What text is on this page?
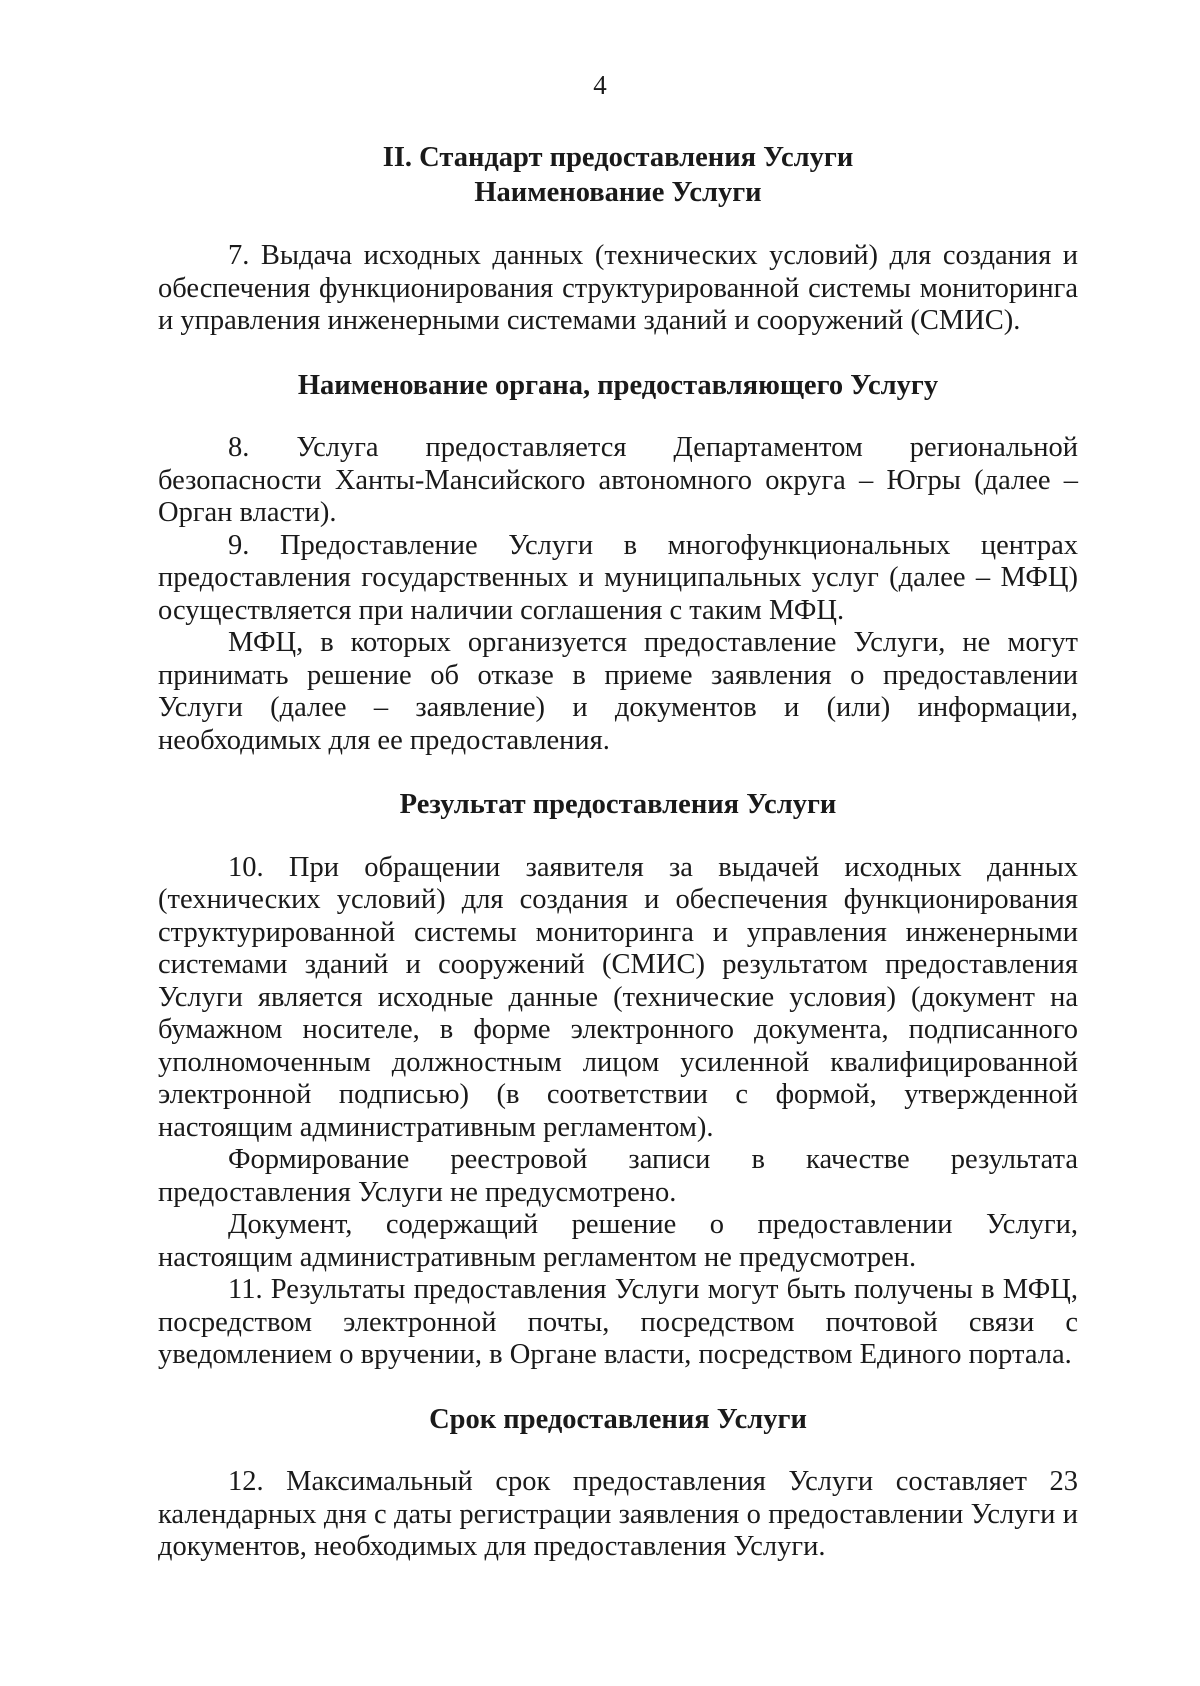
4
II. Стандарт предоставления Услуги
Наименование Услуги

7. Выдача исходных данных (технических условий) для создания и обеспечения функционирования структурированной системы мониторинга и управления инженерными системами зданий и сооружений (СМИС).

Наименование органа, предоставляющего Услугу

8. Услуга предоставляется Департаментом региональной безопасности Ханты-Мансийского автономного округа – Югры (далее – Орган власти).

9. Предоставление Услуги в многофункциональных центрах предоставления государственных и муниципальных услуг (далее – МФЦ) осуществляется при наличии соглашения с таким МФЦ.

МФЦ, в которых организуется предоставление Услуги, не могут принимать решение об отказе в приеме заявления о предоставлении Услуги (далее – заявление) и документов и (или) информации, необходимых для ее предоставления.

Результат предоставления Услуги

10. При обращении заявителя за выдачей исходных данных (технических условий) для создания и обеспечения функционирования структурированной системы мониторинга и управления инженерными системами зданий и сооружений (СМИС) результатом предоставления Услуги является исходные данные (технические условия) (документ на бумажном носителе, в форме электронного документа, подписанного уполномоченным должностным лицом усиленной квалифицированной электронной подписью) (в соответствии с формой, утвержденной настоящим административным регламентом).

Формирование реестровой записи в качестве результата предоставления Услуги не предусмотрено.

Документ, содержащий решение о предоставлении Услуги, настоящим административным регламентом не предусмотрен.

11. Результаты предоставления Услуги могут быть получены в МФЦ, посредством электронной почты, посредством почтовой связи с уведомлением о вручении, в Органе власти, посредством Единого портала.

Срок предоставления Услуги

12. Максимальный срок предоставления Услуги составляет 23 календарных дня с даты регистрации заявления о предоставлении Услуги и документов, необходимых для предоставления Услуги.
